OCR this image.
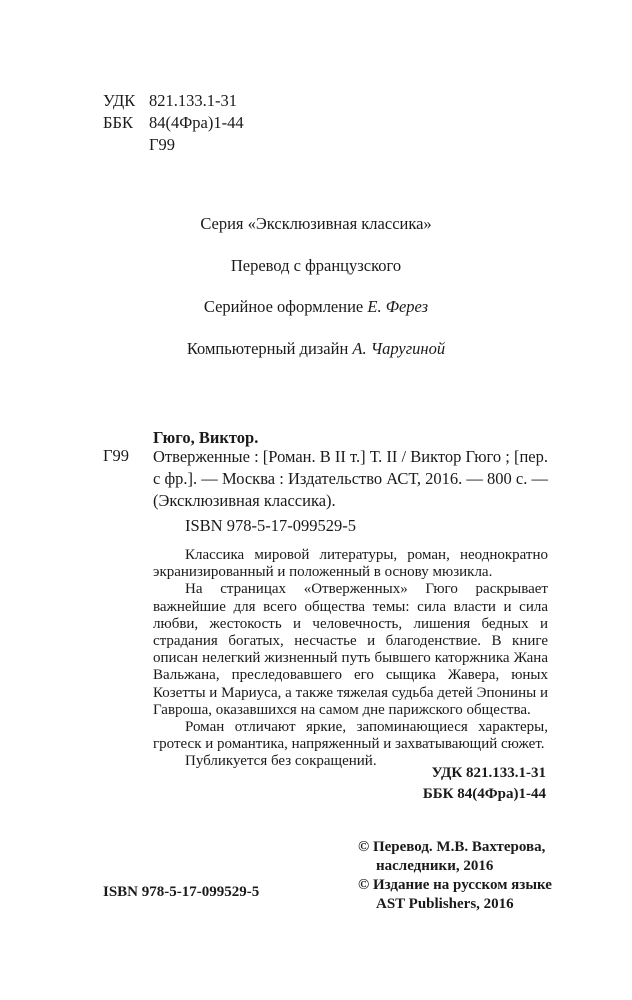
УДК 821.133.1-31
ББК 84(4Фра)1-44
Г99
Серия «Эксклюзивная классика»
Перевод с французского
Серийное оформление Е. Ферез
Компьютерный дизайн А. Чаругиной
Гюго, Виктор.
Г99 Отверженные : [Роман. В II т.] Т. II / Виктор Гюго ; [пер. с фр.]. — Москва : Издательство АСТ, 2016. — 800 с. — (Эксклюзивная классика).
ISBN 978-5-17-099529-5

Классика мировой литературы, роман, неоднократно экранизированный и положенный в основу мюзикла.

На страницах «Отверженных» Гюго раскрывает важнейшие для всего общества темы: сила власти и сила любви, жестокость и человечность, лишения бедных и страдания богатых, несчастье и благоденствие. В книге описан нелегкий жизненный путь бывшего каторжника Жана Вальжана, преследовавшего его сыщика Жавера, юных Козетты и Мариуса, а также тяжелая судьба детей Эпонины и Гавроша, оказавшихся на самом дне парижского общества.

Роман отличают яркие, запоминающиеся характеры, гротеск и романтика, напряженный и захватывающий сюжет.

Публикуется без сокращений.

УДК 821.133.1-31
ББК 84(4Фра)1-44
© Перевод. М.В. Вахтерова,
наследники, 2016
© Издание на русском языке
AST Publishers, 2016
ISBN 978-5-17-099529-5
